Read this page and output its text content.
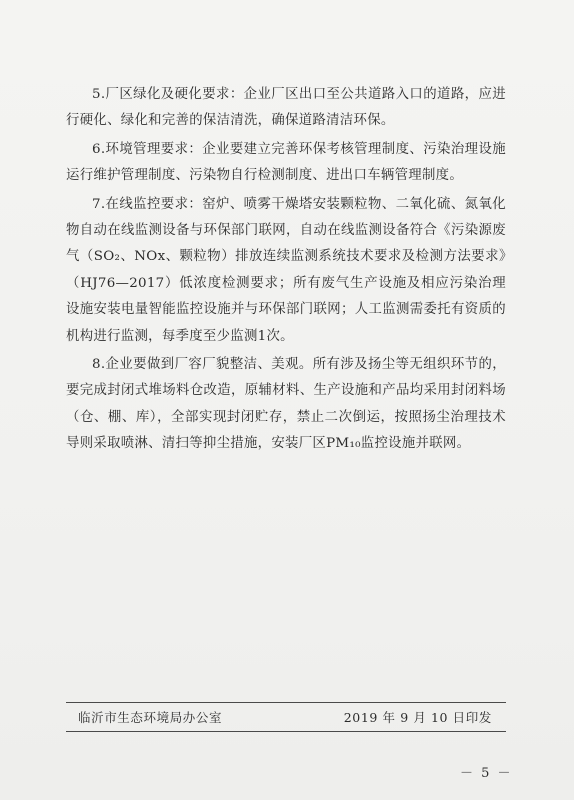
5.厂区绿化及硬化要求：企业厂区出口至公共道路入口的道路，应进行硬化、绿化和完善的保洁清洗，确保道路清洁环保。

6.环境管理要求：企业要建立完善环保考核管理制度、污染治理设施运行维护管理制度、污染物自行检测制度、进出口车辆管理制度。

7.在线监控要求：窑炉、喷雾干燥塔安装颗粒物、二氧化硫、氮氧化物自动在线监测设备与环保部门联网，自动在线监测设备符合《污染源废气（SO₂、NOx、颗粒物）排放连续监测系统技术要求及检测方法要求》（HJ76—2017）低浓度检测要求；所有废气生产设施及相应污染治理设施安装电量智能监控设施并与环保部门联网；人工监测需委托有资质的机构进行监测，每季度至少监测1次。

8.企业要做到厂容厂貌整洁、美观。所有涉及扬尘等无组织环节的，要完成封闭式堆场料仓改造，原辅材料、生产设施和产品均采用封闭料场（仓、棚、库），全部实现封闭贮存，禁止二次倒运，按照扬尘治理技术导则采取喷淋、清扫等抑尘措施，安装厂区PM₁₀监控设施并联网。

临沂市生态环境局办公室	2019 年 9 月 10 日印发
－ 5 －
